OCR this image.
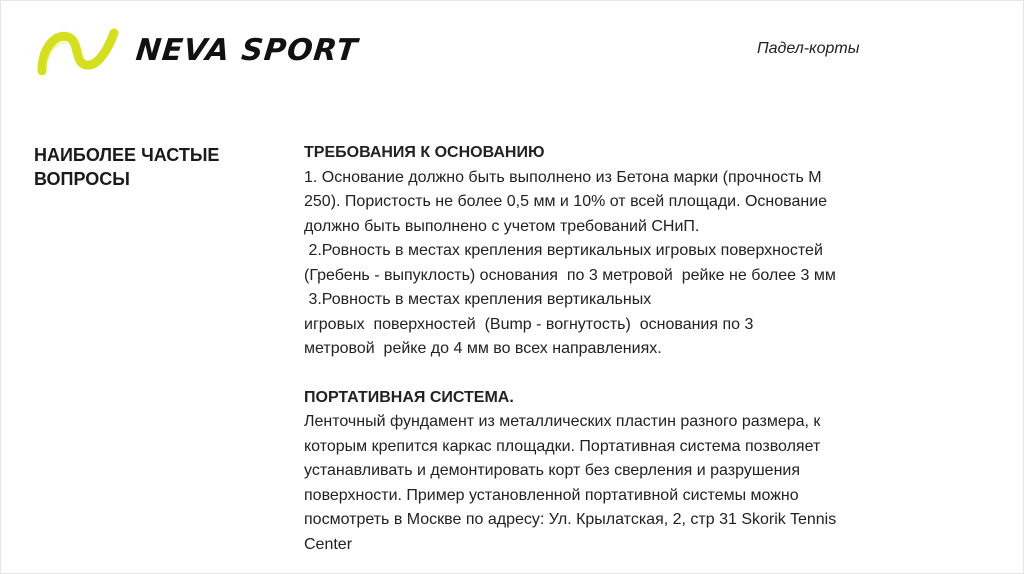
NEVA SPORT	Падел-корты
НАИБОЛЕЕ ЧАСТЫЕ
ВОПРОСЫ
ТРЕБОВАНИЯ К ОСНОВАНИЮ
1. Основание должно быть выполнено из Бетона марки (прочность М
250). Пористость не более 0,5 мм и 10% от всей площади. Основание
должно быть выполнено с учетом требований СНиП.
2.Ровность в местах крепления вертикальных игровых поверхностей
(Гребень - выпуклость) основания  по 3 метровой  рейке не более 3 мм
3.Ровность в местах крепления вертикальных
игровых  поверхностей  (Bump - вогнутость)  основания по 3
метровой  рейке до 4 мм во всех направлениях.
ПОРТАТИВНАЯ СИСТЕМА.
Ленточный фундамент из металлических пластин разного размера, к
которым крепится каркас площадки. Портативная система позволяет
устанавливать и демонтировать корт без сверления и разрушения
поверхности. Пример установленной портативной системы можно
посмотреть в Москве по адресу: Ул. Крылатская, 2, стр 31 Skorik Tennis
Center
